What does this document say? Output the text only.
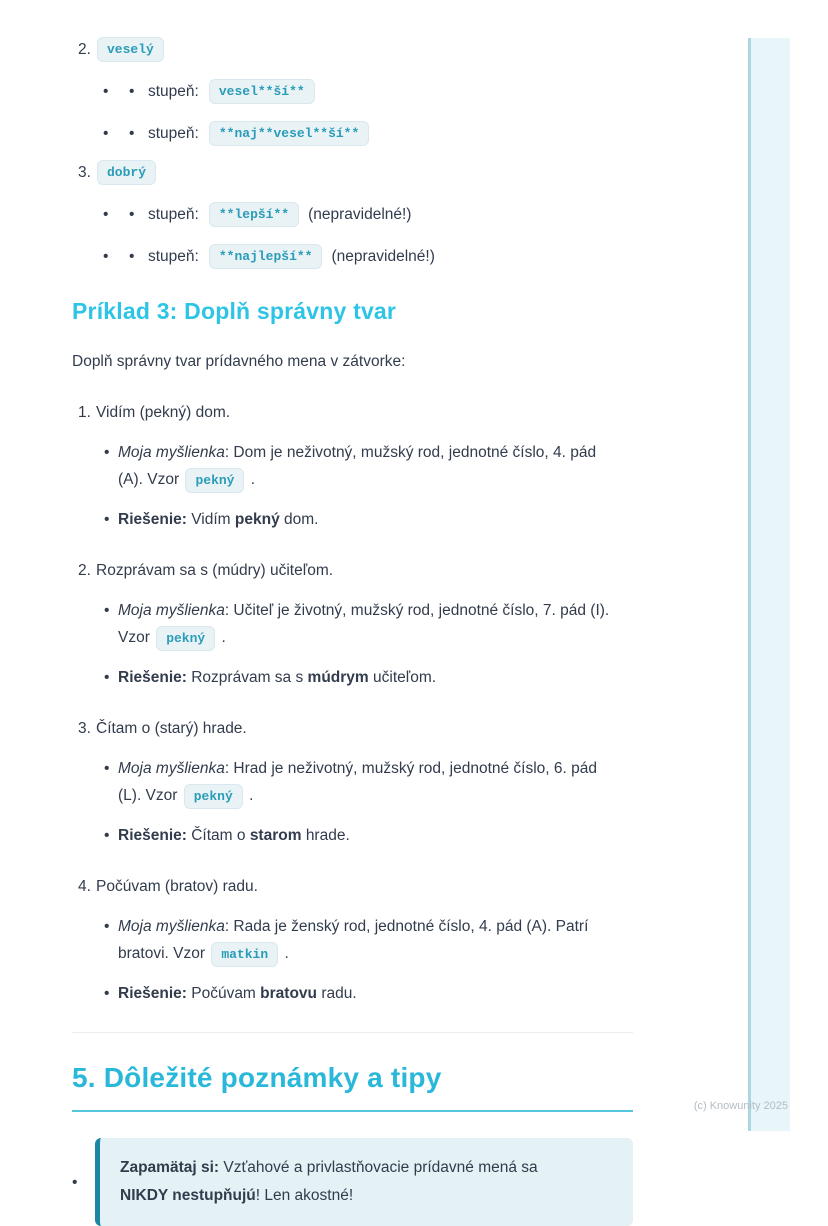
2.	veselý
•	• stupeň:	vesel**ší**
•	• stupeň:	**naj**vesel**ší**
3.	dobrý
•	• stupeň:	**lepší**	(nepravidelné!)
•	• stupeň:	**najlepší**	(nepravidelné!)
Príklad 3: Doplň správny tvar
Doplň správny tvar prídavného mena v zátvorke:
1. Vidím (pekný) dom.
• Moja myšlienka: Dom je neživotný, mužský rod, jednotné číslo, 4. pád (A). Vzor pekný .
• Riešenie: Vidím pekný dom.
2. Rozprávam sa s (múdry) učiteľom.
• Moja myšlienka: Učiteľ je životný, mužský rod, jednotné číslo, 7. pád (I). Vzor pekný .
• Riešenie: Rozprávam sa s múdrym učiteľom.
3. Čítam o (starý) hrade.
• Moja myšlienka: Hrad je neživotný, mužský rod, jednotné číslo, 6. pád (L). Vzor pekný .
• Riešenie: Čítam o starom hrade.
4. Počúvam (bratov) radu.
• Moja myšlienka: Rada je ženský rod, jednotné číslo, 4. pád (A). Patrí bratovi. Vzor matkin .
• Riešenie: Počúvam bratovu radu.
5. Dôležité poznámky a tipy
•
Zapamätaj si: Vzťahové a privlastňovacie prídavné mená sa NIKDY nestupňujú! Len akostné!
(c) Knowunity 2025
